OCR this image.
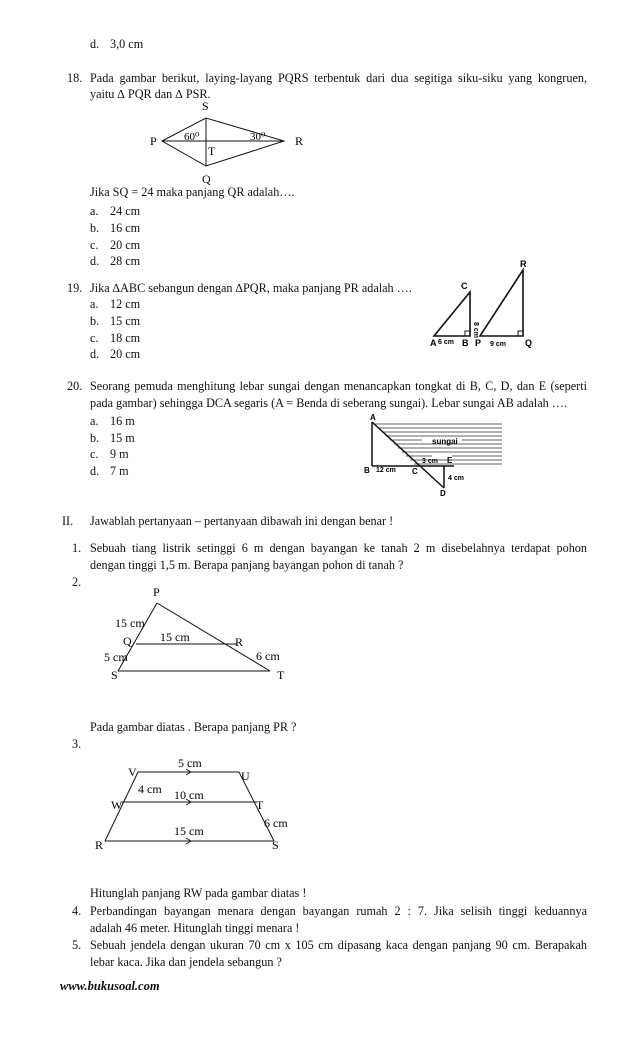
d. 3,0 cm
18. Pada gambar berikut, laying-layang PQRS terbentuk dari dua segitiga siku-siku yang kongruen,
yaitu ∆ PQR dan ∆ PSR.
S
P	R
T
Q
60⁰	30⁰
Jika SQ = 24 maka panjang QR adalah….
a. 24 cm
b. 16 cm
c. 20 cm
d. 28 cm
19. Jika ∆ABC sebangun dengan ∆PQR, maka panjang PR adalah ….
a. 12 cm
b. 15 cm
c. 18 cm
d. 20 cm
C
A 6 cm B
8 cm
R
P 9 cm Q
20. Seorang pemuda menghitung lebar sungai dengan menancapkan tongkat di B, C, D, dan E (seperti
pada gambar) sehingga DCA segaris (A = Benda di seberang sungai). Lebar sungai AB adalah ….
a. 16 m
b. 15 m
c. 9 m
d. 7 m
A
sungai
B 12 cm C
3 cm E
4 cm
D
II. Jawablah pertanyaan – pertanyaan dibawah ini dengan benar !
1. Sebuah tiang listrik setinggi 6 m dengan bayangan ke tanah 2 m disebelahnya terdapat pohon
dengan tinggi 1,5 m. Berapa panjang bayangan pohon di tanah ?
2.
P
15 cm
Q 15 cm	R
5 cm	6 cm
S	T
Pada gambar diatas . Berapa panjang PR ?
3.
5 cm
V	U
4 cm 10 cm
W	T
6 cm
15 cm
R	S
Hitunglah panjang RW pada gambar diatas !
4. Perbandingan bayangan menara dengan bayangan rumah 2 : 7. Jika selisih tinggi keduannya
adalah 46 meter. Hitunglah tinggi menara !
5. Sebuah jendela dengan ukuran 70 cm x 105 cm dipasang kaca dengan panjang 90 cm. Berapakah
lebar kaca. Jika dan jendela sebangun ?
www.bukusoal.com
